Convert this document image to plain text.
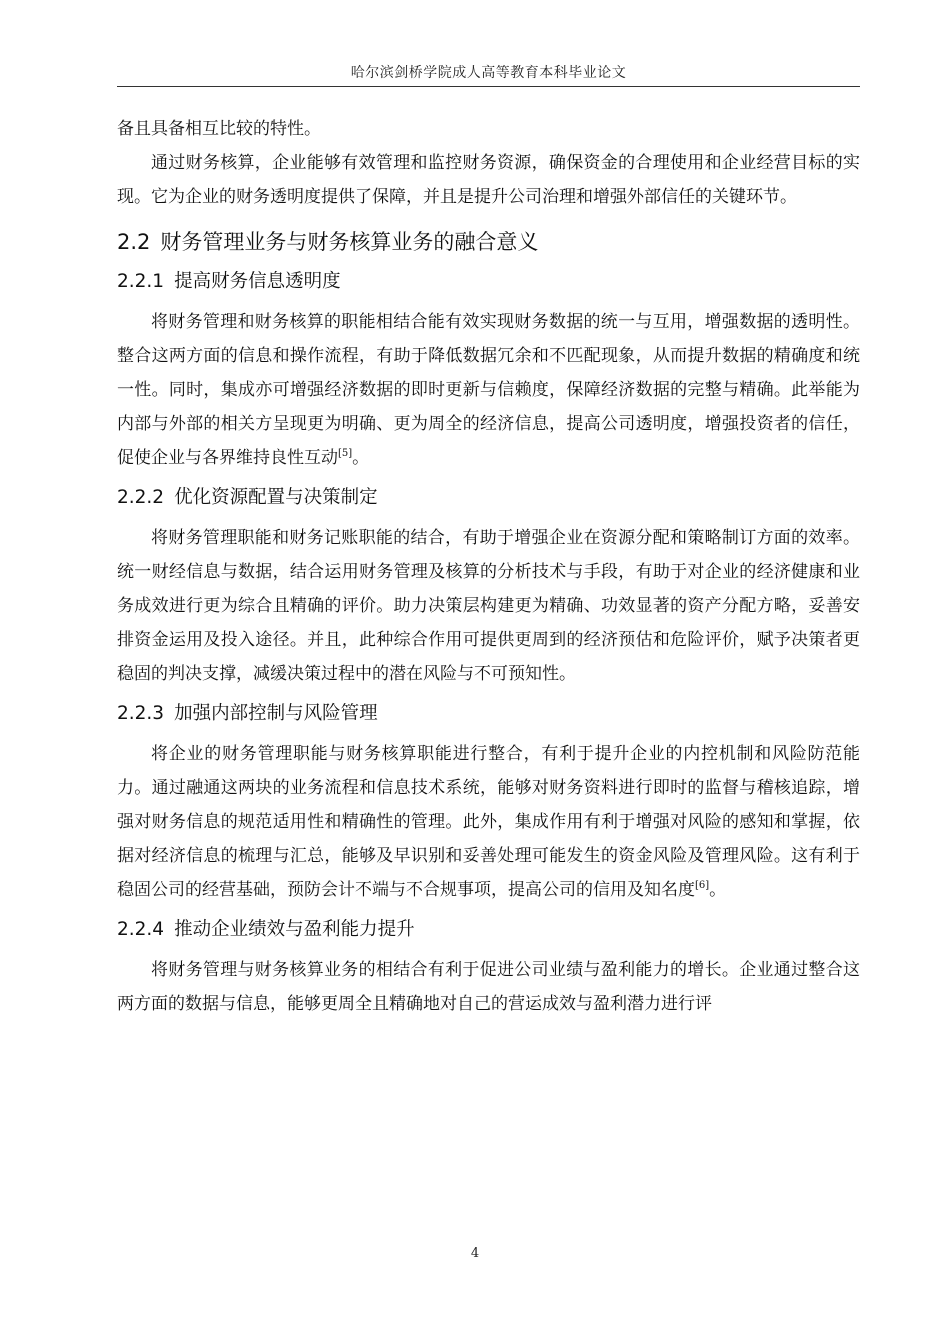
哈尔滨剑桥学院成人高等教育本科毕业论文

备且具备相互比较的特性。

通过财务核算，企业能够有效管理和监控财务资源，确保资金的合理使用和企业经营目标的实现。它为企业的财务透明度提供了保障，并且是提升公司治理和增强外部信任的关键环节。

2.2 财务管理业务与财务核算业务的融合意义
2.2.1 提高财务信息透明度

将财务管理和财务核算的职能相结合能有效实现财务数据的统一与互用，增强数据的透明性。整合这两方面的信息和操作流程，有助于降低数据冗余和不匹配现象，从而提升数据的精确度和统一性。同时，集成亦可增强经济数据的即时更新与信赖度，保障经济数据的完整与精确。此举能为内部与外部的相关方呈现更为明确、更为周全的经济信息，提高公司透明度，增强投资者的信任，促使企业与各界维持良性互动[5]。

2.2.2 优化资源配置与决策制定

将财务管理职能和财务记账职能的结合，有助于增强企业在资源分配和策略制订方面的效率。统一财经信息与数据，结合运用财务管理及核算的分析技术与手段，有助于对企业的经济健康和业务成效进行更为综合且精确的评价。助力决策层构建更为精确、功效显著的资产分配方略，妥善安排资金运用及投入途径。并且，此种综合作用可提供更周到的经济预估和危险评价，赋予决策者更稳固的判决支撑，减缓决策过程中的潜在风险与不可预知性。

2.2.3 加强内部控制与风险管理

将企业的财务管理职能与财务核算职能进行整合，有利于提升企业的内控机制和风险防范能力。通过融通这两块的业务流程和信息技术系统，能够对财务资料进行即时的监督与稽核追踪，增强对财务信息的规范适用性和精确性的管理。此外，集成作用有利于增强对风险的感知和掌握，依据对经济信息的梳理与汇总，能够及早识别和妥善处理可能发生的资金风险及管理风险。这有利于稳固公司的经营基础，预防会计不端与不合规事项，提高公司的信用及知名度[6]。

2.2.4 推动企业绩效与盈利能力提升

将财务管理与财务核算业务的相结合有利于促进公司业绩与盈利能力的增长。企业通过整合这两方面的数据与信息，能够更周全且精确地对自己的营运成效与盈利潜力进行评

4
